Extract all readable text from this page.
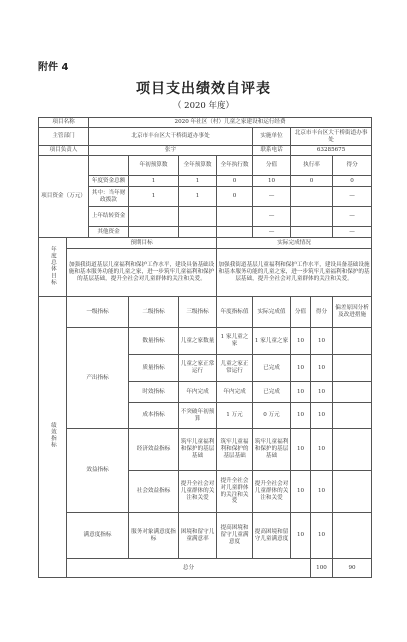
附件 4
项目支出绩效自评表
（ 2020 年度）
项目名称		2020 年社区（村）儿童之家建设和运行经费								
主管部门		北京市丰台区大干桥街道办事处				实施单位	北京市丰台区大干桥街道办事处			
项目负责人		张宇				联系电话	63285675			
项目资金（万元）			年初预算数	全年预算数	全年执行数	分值	执行率		得分	
		年度资金总额	1	1	0	10	0		0	
		其中：当年财政拨款	1	1	0	—			—	
		上年结转资金				—			—	
		其他资金				—			—	
年度总体目标	预期目标				实际完成情况					
	加强我街道基层儿童福利和保护工作水平，建设具备基础设施和基本服务功能的儿童之家，进一步筑牢儿童福利和保护的基层基础，提升全社会对儿童群体的关注和关爱。				加强我街道基层儿童福利和保护工作水平，建设具备基础设施和基本服务功能的儿童之家，进一步筑牢儿童福利和保护的基层基础，提升全社会对儿童群体的关注和关爱。					
绩效指标	一级指标		二级指标	三级指标	年度指标值	实际完成值	分值	得分	偏差原因分析及改进措施	
	产出指标		数量指标	儿童之家数量	1 家儿童之家	1 家儿童之家	10	10		
			质量指标	儿童之家正常运行	儿童之家正常运行	已完成	10	10		
			时效指标	年内完成	年内完成	已完成	10	10		
			成本指标	不突破年初预算	1 万元	0 万元	10	10		
	效益指标		经济效益指标	筑牢儿童福利和保护的基层基础	筑牢儿童福利和保护的基层基础	筑牢儿童福利和保护的基层基础	10	10		
			社会效益指标	提升全社会对儿童群体的关注和关爱	提升全社会对儿童群体的关注和关爱	提升全社会对儿童群体的关注和关爱	10	10		
	满意度指标		服务对象满意度指标	困境和留守儿童满意率	提高困境和留守儿童满意度	提高困境和留守儿童满意度	10	10		
	总分							100	90	
